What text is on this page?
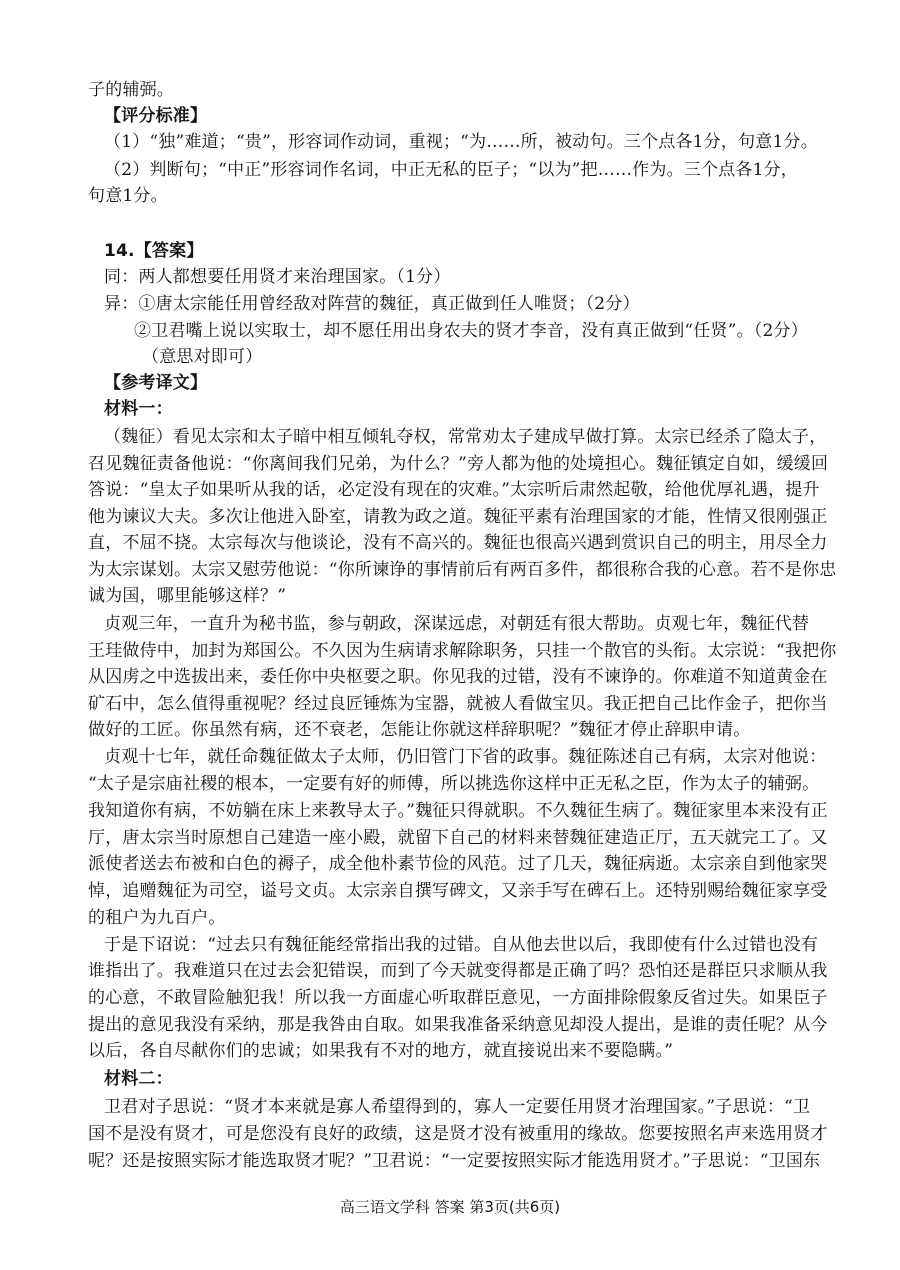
子的辅弼。
【评分标准】
（1）“独”难道；“贵”，形容词作动词，重视；“为……所，被动句。三个点各1分，句意1分。
（2）判断句；“中正”形容词作名词，中正无私的臣子；“以为”把……作为。三个点各1分，
句意1分。
14.【答案】
同：两人都想要任用贤才来治理国家。（1分）
异：①唐太宗能任用曾经敌对阵营的魏征，真正做到任人唯贤；（2分）
②卫君嘴上说以实取士，却不愿任用出身农夫的贤才李音，没有真正做到“任贤”。（2分）
（意思对即可）
【参考译文】
材料一：
（魏征）看见太宗和太子暗中相互倾轧夺权，常常劝太子建成早做打算。太宗已经杀了隐太子，
召见魏征责备他说：“你离间我们兄弟，为什么？”旁人都为他的处境担心。魏征镇定自如，缓缓回
答说：“皇太子如果听从我的话，必定没有现在的灾难。”太宗听后肃然起敬，给他优厚礼遇，提升
他为谏议大夫。多次让他进入卧室，请教为政之道。魏征平素有治理国家的才能，性情又很刚强正
直，不屈不挠。太宗每次与他谈论，没有不高兴的。魏征也很高兴遇到赏识自己的明主，用尽全力
为太宗谋划。太宗又慰劳他说：“你所谏诤的事情前后有两百多件，都很称合我的心意。若不是你忠
诚为国，哪里能够这样？”
贞观三年，一直升为秘书监，参与朝政，深谋远虑，对朝廷有很大帮助。贞观七年，魏征代替
王珪做侍中，加封为郑国公。不久因为生病请求解除职务，只挂一个散官的头衔。太宗说：“我把你
从囚虏之中选拔出来，委任你中央枢要之职。你见我的过错，没有不谏诤的。你难道不知道黄金在
矿石中，怎么值得重视呢？经过良匠锤炼为宝器，就被人看做宝贝。我正把自己比作金子，把你当
做好的工匠。你虽然有病，还不衰老，怎能让你就这样辞职呢？”魏征才停止辞职申请。
贞观十七年，就任命魏征做太子太师，仍旧管门下省的政事。魏征陈述自己有病，太宗对他说：
“太子是宗庙社稷的根本，一定要有好的师傅，所以挑选你这样中正无私之臣，作为太子的辅弼。
我知道你有病，不妨躺在床上来教导太子。”魏征只得就职。不久魏征生病了。魏征家里本来没有正
厅，唐太宗当时原想自己建造一座小殿，就留下自己的材料来替魏征建造正厅，五天就完工了。又
派使者送去布被和白色的褥子，成全他朴素节俭的风范。过了几天，魏征病逝。太宗亲自到他家哭
悼，追赠魏征为司空，谥号文贞。太宗亲自撰写碑文，又亲手写在碑石上。还特别赐给魏征家享受
的租户为九百户。
于是下诏说：“过去只有魏征能经常指出我的过错。自从他去世以后，我即使有什么过错也没有
谁指出了。我难道只在过去会犯错误，而到了今天就变得都是正确了吗？恐怕还是群臣只求顺从我
的心意，不敢冒险触犯我！所以我一方面虚心听取群臣意见，一方面排除假象反省过失。如果臣子
提出的意见我没有采纳，那是我咎由自取。如果我准备采纳意见却没人提出，是谁的责任呢？从今
以后，各自尽献你们的忠诚；如果我有不对的地方，就直接说出来不要隐瞒。”
材料二：
卫君对子思说：“贤才本来就是寡人希望得到的，寡人一定要任用贤才治理国家。”子思说：“卫
国不是没有贤才，可是您没有良好的政绩，这是贤才没有被重用的缘故。您要按照名声来选用贤才
呢？还是按照实际才能选取贤才呢？”卫君说：“一定要按照实际才能选用贤才。”子思说：“卫国东
高三语文学科 答案 第3页(共6页)
